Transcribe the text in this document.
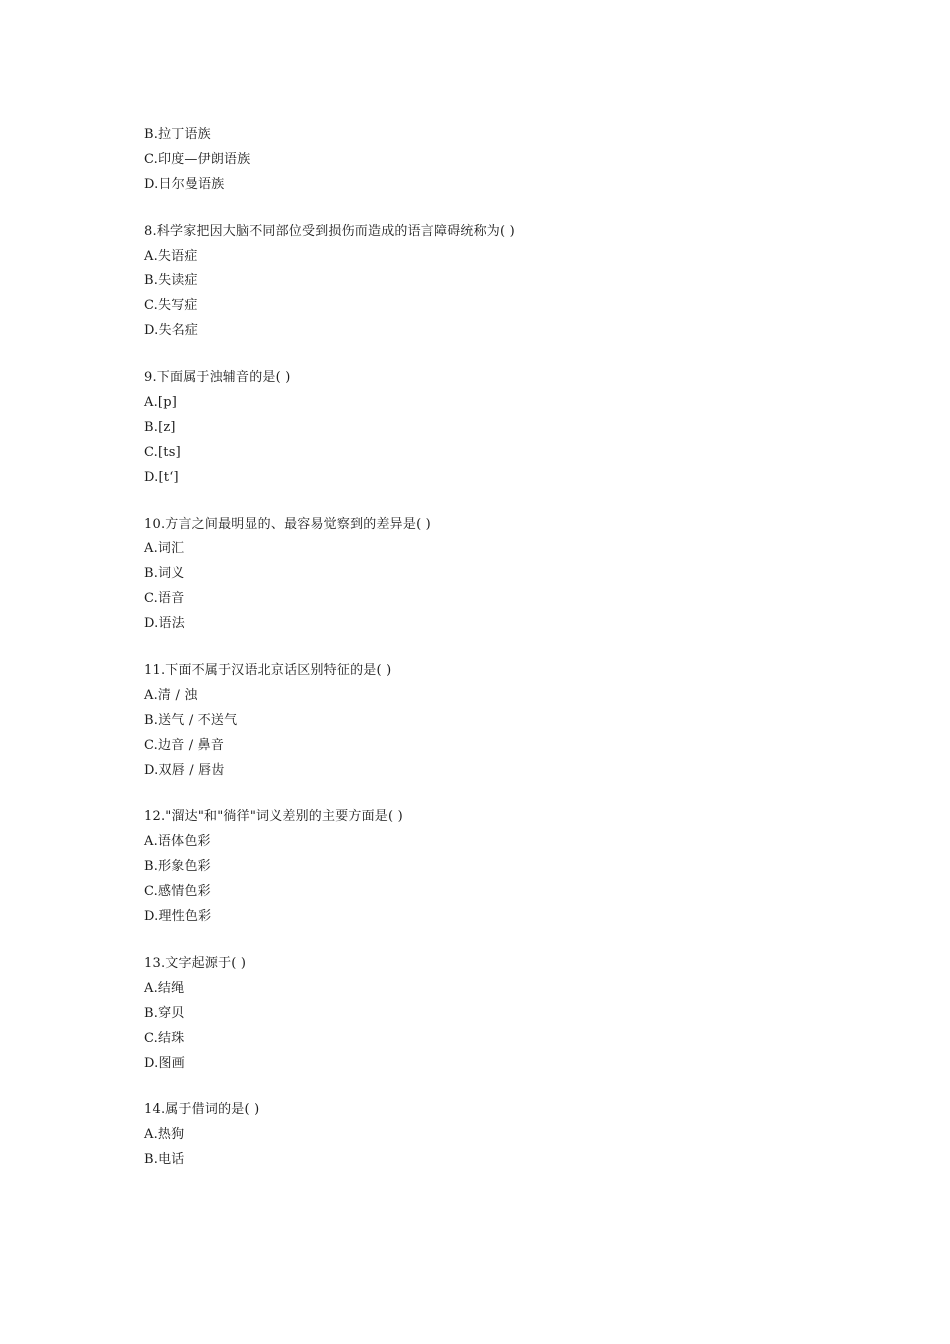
B.拉丁语族
C.印度—伊朗语族
D.日尔曼语族
8.科学家把因大脑不同部位受到损伤而造成的语言障碍统称为( )
A.失语症
B.失读症
C.失写症
D.失名症
9.下面属于浊辅音的是( )
A.[p]
B.[z]
C.[ts]
D.[t‘]
10.方言之间最明显的、最容易觉察到的差异是( )
A.词汇
B.词义
C.语音
D.语法
11.下面不属于汉语北京话区别特征的是( )
A.清 / 浊
B.送气 / 不送气
C.边音 / 鼻音
D.双唇 / 唇齿
12."溜达"和"徜徉"词义差别的主要方面是( )
A.语体色彩
B.形象色彩
C.感情色彩
D.理性色彩
13.文字起源于( )
A.结绳
B.穿贝
C.结珠
D.图画
14.属于借词的是( )
A.热狗
B.电话
